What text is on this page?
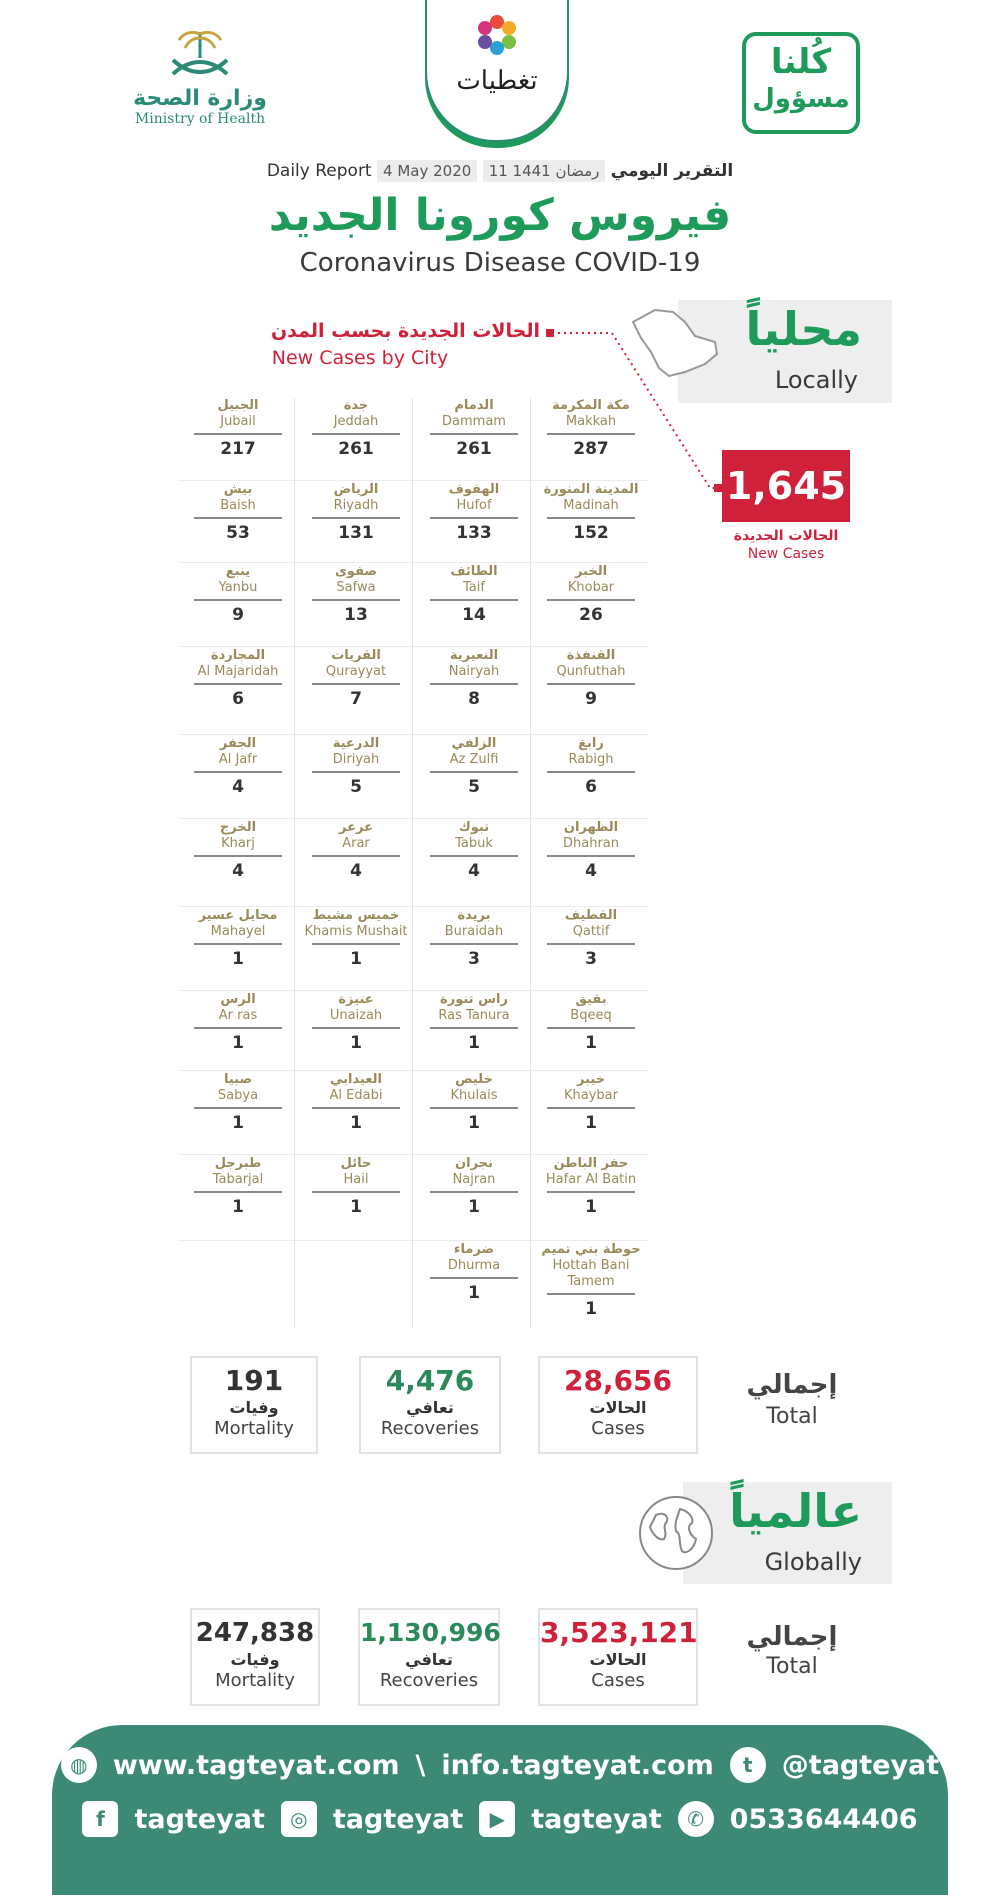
وزارة الصحة
Ministry of Health
تغطيات	كُلنا
مسؤول
Daily Report 4 May 2020 11 رمضان 1441 التقرير اليومي
فيروس كورونا الجديد
Coronavirus Disease COVID-19
محلياً
Locally
الحالات الجديدة بحسب المدن
New Cases by City
1,645
الحالات الجديدة
New Cases
مكة المكرمة
Makkah
287
الدمام
Dammam
261
جدة
Jeddah
261
الجبيل
Jubail
217
المدينة المنورة
Madinah
152
الهفوف
Hufof
133
الرياض
Riyadh
131
بيش
Baish
53
الخبر
Khobar
26
الطائف
Taif
14
صفوى
Safwa
13
ينبع
Yanbu
9
القنفذة
Qunfuthah
9
النعيرية
Nairyah
8
القريات
Qurayyat
7
المجاردة
Al Majaridah
6
رابغ
Rabigh
6
الزلفي
Az Zulfi
5
الدرعية
Diriyah
5
الجفر
Al Jafr
4
الظهران
Dhahran
4
تبوك
Tabuk
4
عرعر
Arar
4
الخرج
Kharj
4
القطيف
Qattif
3
بريدة
Buraidah
3
خميس مشيط
Khamis Mushait
1
محايل عسير
Mahayel
1
بقيق
Bqeeq
1
راس تنورة
Ras Tanura
1
عنيزة
Unaizah
1
الرس
Ar ras
1
خيبر
Khaybar
1
خليص
Khulais
1
العيدابي
Al Edabi
1
صبيا
Sabya
1
حفر الباطن
Hafar Al Batin
1
نجران
Najran
1
حائل
Hail
1
طبرجل
Tabarjal
1
حوطة بني تميم
Hottah Bani Tamem
1
ضرماء
Dhurma
1
28,656
الحالات
Cases
4,476
تعافي
Recoveries
191
وفيات
Mortality
إجمالي
Total
عالمياً
Globally
3,523,121
الحالات
Cases
1,130,996
تعافي
Recoveries
247,838
وفيات
Mortality
إجمالي
Total
◍ www.tagteyat.com \ info.tagteyat.com	t	@tagteyat
f	tagteyat	◎ tagteyat	▶ tagteyat	✆ 0533644406
